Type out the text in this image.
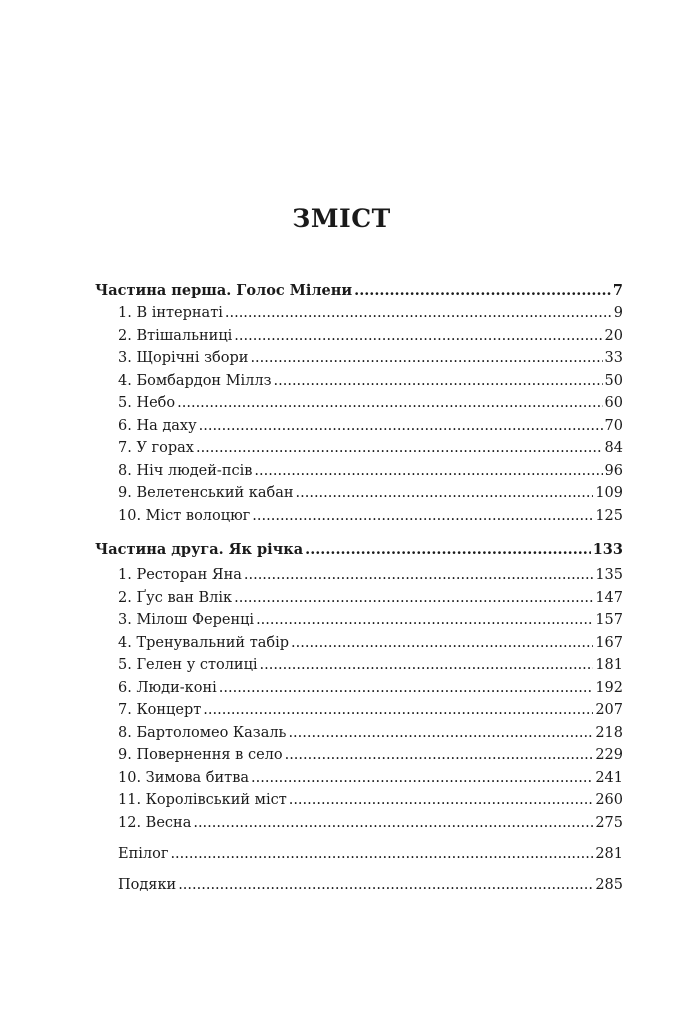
ЗМІСТ
Частина перша. Голос Мілени .....	7
1. В інтернаті .....	9
2. Втішальниці .....	20
3. Щорічні збори .....	33
4. Бомбардон Міллз .....	50
5. Небо .....	60
6. На даху .....	70
7. У горах .....	84
8. Ніч людей-псів .....	96
9. Велетенський кабан .....	109
10. Міст волоцюг .....	125
Частина друга. Як річка .....	133
1. Ресторан Яна .....	135
2. Ґус ван Влік .....	147
3. Мілош Ференці .....	157
4. Тренувальний табір .....	167
5. Гелен у столиці .....	181
6. Люди-коні .....	192
7. Концерт .....	207
8. Бартоломео Казаль .....	218
9. Повернення в село .....	229
10. Зимова битва .....	241
11. Королівський міст .....	260
12. Весна .....	275
Епілог .....	281
Подяки .....	285
